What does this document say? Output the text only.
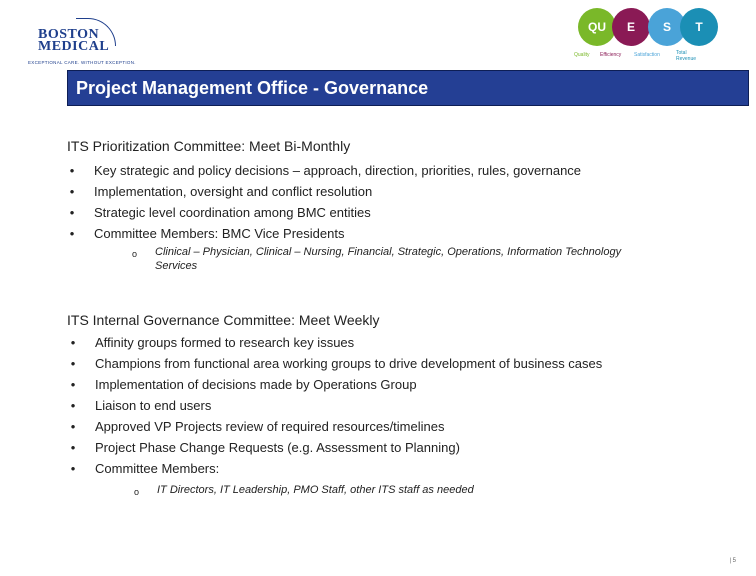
BOSTON
MEDICAL
EXCEPTIONAL CARE. WITHOUT EXCEPTION.
QU	E	S	T
Quality Efficiency	Satisfaction	Total Revenue
Project Management Office - Governance
ITS Prioritization Committee: Meet Bi-Monthly
• Key strategic and policy decisions – approach, direction, priorities, rules, governance
• Implementation, oversight and conflict resolution
• Strategic level coordination among BMC entities
• Committee Members: BMC Vice Presidents
o Clinical – Physician, Clinical – Nursing, Financial, Strategic, Operations, Information Technology Services
ITS Internal Governance Committee: Meet Weekly
• Affinity groups formed to research key issues
• Champions from functional area working groups to drive development of business cases
• Implementation of decisions made by Operations Group
• Liaison to end users
• Approved VP Projects review of required resources/timelines
• Project Phase Change Requests (e.g. Assessment to Planning)
• Committee Members:
o IT Directors, IT Leadership, PMO Staff, other ITS staff as needed
| 5
